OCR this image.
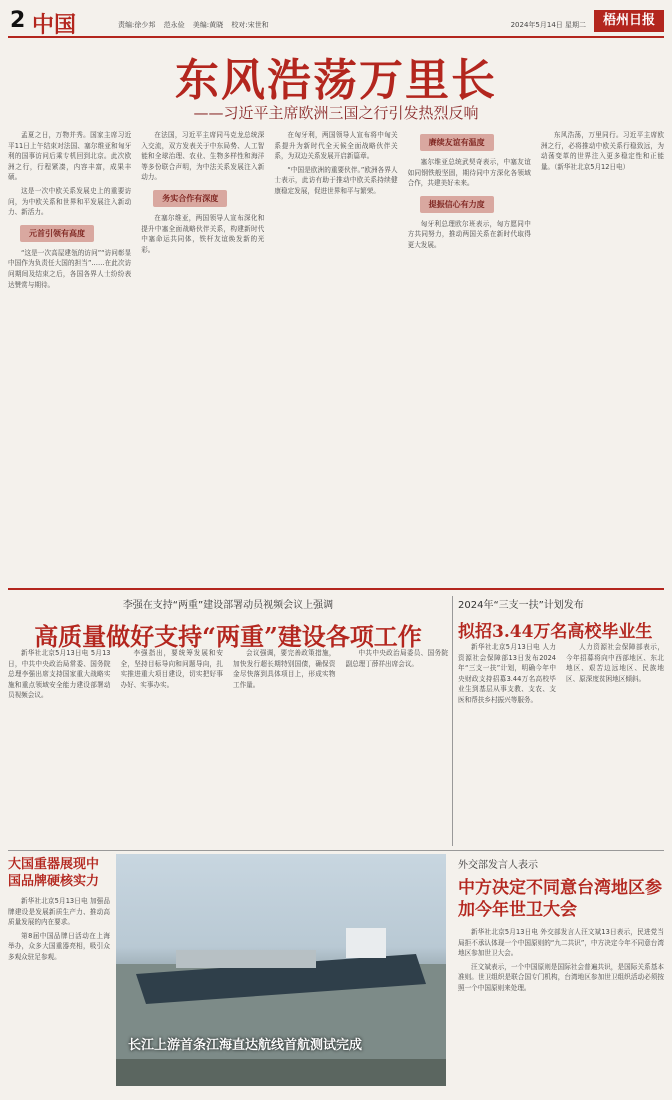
2 中国	责编:徐少邦 范永俭 美编:黄晓 校对:宋世和	2024年5月14日 星期二	梧州日报
东风浩荡万里长
——习近平主席欧洲三国之行引发热烈反响

孟夏之日，万物并秀。国家主席习近平11日上午结束对法国、塞尔维亚和匈牙利的国事访问后乘专机回到北京。此次欧洲之行，行程紧凑，内容丰富，成果丰硕。

这是一次中欧关系发展史上的重要访问，为中欧关系和世界和平发展注入新动力、新活力。

元首引领有高度

“这是一次高屋建瓴的访问”“访问彰显中国作为负责任大国的担当”……在此次访问期间及结束之后，各国各界人士纷纷表达赞赏与期待。

在法国，习近平主席同马克龙总统深入交流，双方发表关于中东局势、人工智能和全球治理、农业、生物多样性和海洋等多份联合声明，为中法关系发展注入新动力。

务实合作有深度

在塞尔维亚，两国领导人宣布深化和提升中塞全面战略伙伴关系，构建新时代中塞命运共同体，铁杆友谊焕发新的光彩。

在匈牙利，两国领导人宣布将中匈关系提升为新时代全天候全面战略伙伴关系，为双边关系发展开启新篇章。

“中国是欧洲的重要伙伴。”欧洲各界人士表示，此访有助于推动中欧关系持续健康稳定发展，促进世界和平与繁荣。

赓续友谊有温度

塞尔维亚总统武契奇表示，中塞友谊如同钢铁般坚固，期待同中方深化各领域合作，共建美好未来。

提振信心有力度

匈牙利总理欧尔班表示，匈方愿同中方共同努力，推动两国关系在新时代取得更大发展。

东风浩荡，万里同行。习近平主席欧洲之行，必将推动中欧关系行稳致远，为动荡变革的世界注入更多稳定性和正能量。（新华社北京5月12日电）

李强在支持“两重”建设部署动员视频会议上强调
高质量做好支持“两重”建设各项工作

新华社北京5月13日电 5月13日，中共中央政治局常委、国务院总理李强出席支持国家重大战略实施和重点领域安全能力建设部署动员视频会议。

李强指出，要统筹发展和安全，坚持目标导向和问题导向，扎实推进重大项目建设，切实把好事办好、实事办实。

会议强调，要完善政策措施，加快发行超长期特别国债，确保资金尽快落到具体项目上，形成实物工作量。

中共中央政治局委员、国务院副总理丁薛祥出席会议。

2024年“三支一扶”计划发布
拟招3.44万名高校毕业生

新华社北京5月13日电 人力资源社会保障部13日发布2024年“三支一扶”计划，明确今年中央财政支持招募3.44万名高校毕业生到基层从事支教、支农、支医和帮扶乡村振兴等服务。

人力资源社会保障部表示，今年招募将向中西部地区、东北地区、艰苦边远地区、民族地区、原深度贫困地区倾斜。

大国重器展现中国品牌硬核实力

新华社北京5月13日电 加强品牌建设是发展新质生产力、推动高质量发展的内在要求。

第8届中国品牌日活动在上海举办，众多大国重器亮相，吸引众多观众驻足参观。

长江上游首条江海直达航线首航测试完成
外交部发言人表示
中方决定不同意台湾地区参加今年世卫大会

新华社北京5月13日电 外交部发言人汪文斌13日表示，民进党当局拒不承认体现一个中国原则的“九二共识”，中方决定今年不同意台湾地区参加世卫大会。

汪文斌表示，一个中国原则是国际社会普遍共识，是国际关系基本准则。世卫组织是联合国专门机构，台湾地区参加世卫组织活动必须按照一个中国原则来处理。
